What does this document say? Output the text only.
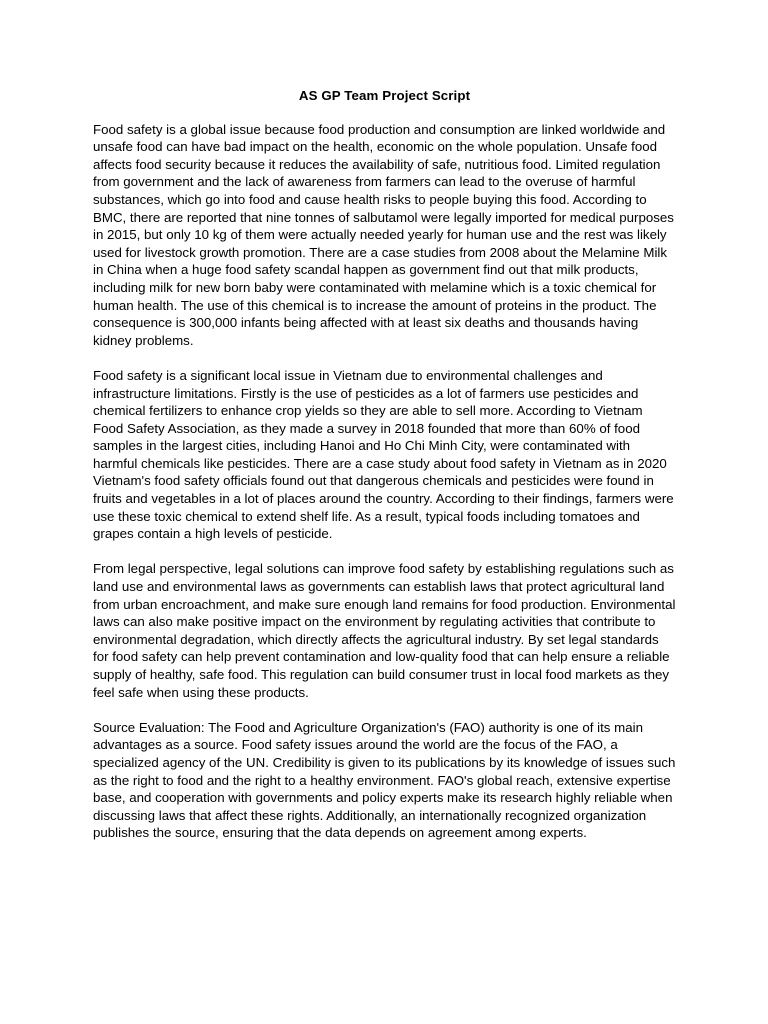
AS GP Team Project Script

Food safety is a global issue because food production and consumption are linked worldwide and unsafe food can have bad impact on the health, economic on the whole population. Unsafe food affects food security because it reduces the availability of safe, nutritious food. Limited regulation from government and the lack of awareness from farmers can lead to the overuse of harmful substances, which go into food and cause health risks to people buying this food. According to BMC, there are reported that nine tonnes of salbutamol were legally imported for medical purposes in 2015, but only 10 kg of them were actually needed yearly for human use and the rest was likely used for livestock growth promotion. There are a case studies from 2008 about the Melamine Milk in China when a huge food safety scandal happen as government find out that milk products, including milk for new born baby were contaminated with melamine which is a toxic chemical for human health. The use of this chemical is to increase the amount of proteins in the product. The consequence is 300,000 infants being affected with at least six deaths and thousands having kidney problems.

Food safety is a significant local issue in Vietnam due to environmental challenges and infrastructure limitations. Firstly is the use of pesticides as a lot of farmers use pesticides and chemical fertilizers to enhance crop yields so they are able to sell more. According to Vietnam Food Safety Association, as they made a survey in 2018 founded that more than 60% of food samples in the largest cities, including Hanoi and Ho Chi Minh City, were contaminated with harmful chemicals like pesticides. There are a case study about food safety in Vietnam as in 2020 Vietnam's food safety officials found out that dangerous chemicals and pesticides were found in fruits and vegetables in a lot of places around the country. According to their findings, farmers were use these toxic chemical to extend shelf life. As a result, typical foods including tomatoes and grapes contain a high levels of pesticide.

From legal perspective, legal solutions can improve food safety by establishing regulations such as land use and environmental laws as governments can establish laws that protect agricultural land from urban encroachment, and make sure enough land remains for food production. Environmental laws can also make positive impact on the environment by regulating activities that contribute to environmental degradation, which directly affects the agricultural industry. By set legal standards for food safety can help prevent contamination and low-quality food that can help ensure a reliable supply of healthy, safe food. This regulation can build consumer trust in local food markets as they feel safe when using these products.

Source Evaluation: The Food and Agriculture Organization's (FAO) authority is one of its main advantages as a source. Food safety issues around the world are the focus of the FAO, a specialized agency of the UN. Credibility is given to its publications by its knowledge of issues such as the right to food and the right to a healthy environment. FAO's global reach, extensive expertise base, and cooperation with governments and policy experts make its research highly reliable when discussing laws that affect these rights. Additionally, an internationally recognized organization publishes the source, ensuring that the data depends on agreement among experts.
